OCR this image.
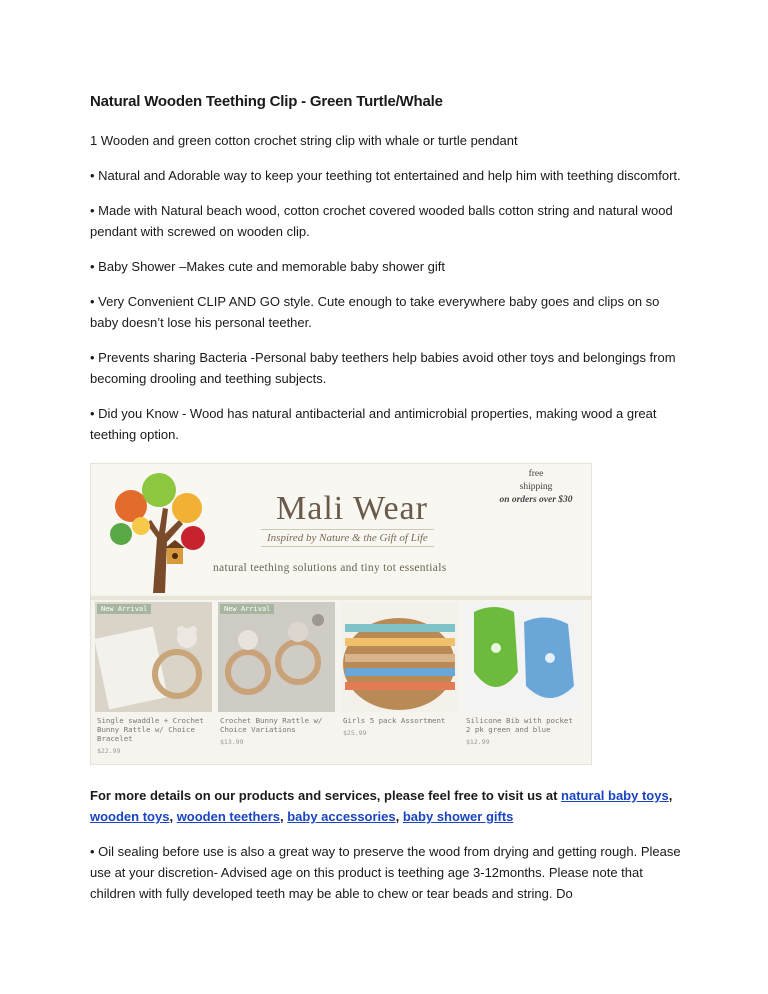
Natural Wooden Teething Clip - Green Turtle/Whale

1 Wooden and green cotton crochet string clip with whale or turtle pendant

• Natural and Adorable way to keep your teething tot entertained and help him with teething discomfort.

• Made with Natural beach wood, cotton crochet covered wooded balls cotton string and natural wood pendant with screwed on wooden clip.

• Baby Shower –Makes cute and memorable baby shower gift

• Very Convenient CLIP AND GO style. Cute enough to take everywhere baby goes and clips on so baby doesn’t lose his personal teether.

• Prevents sharing Bacteria -Personal baby teethers help babies avoid other toys and belongings from becoming drooling and teething subjects.

• Did you Know - Wood has natural antibacterial and antimicrobial properties, making wood a great teething option.

Mali Wear
Inspired by Nature & the Gift of Life
natural teething solutions and tiny tot essentials
free
shipping
on orders over $30
New Arrival
Single swaddle + Crochet Bunny Rattle w/ Choice Bracelet
$22.99
New Arrival
Crochet Bunny Rattle w/ Choice Variations
$13.99
Girls 5 pack Assortment
$25.99
Silicone Bib with pocket 2 pk green and blue
$12.99

For more details on our products and services, please feel free to visit us at natural baby toys, wooden toys, wooden teethers, baby accessories, baby shower gifts

• Oil sealing before use is also a great way to preserve the wood from drying and getting rough. Please use at your discretion- Advised age on this product is teething age 3-12months. Please note that children with fully developed teeth may be able to chew or tear beads and string. Do
